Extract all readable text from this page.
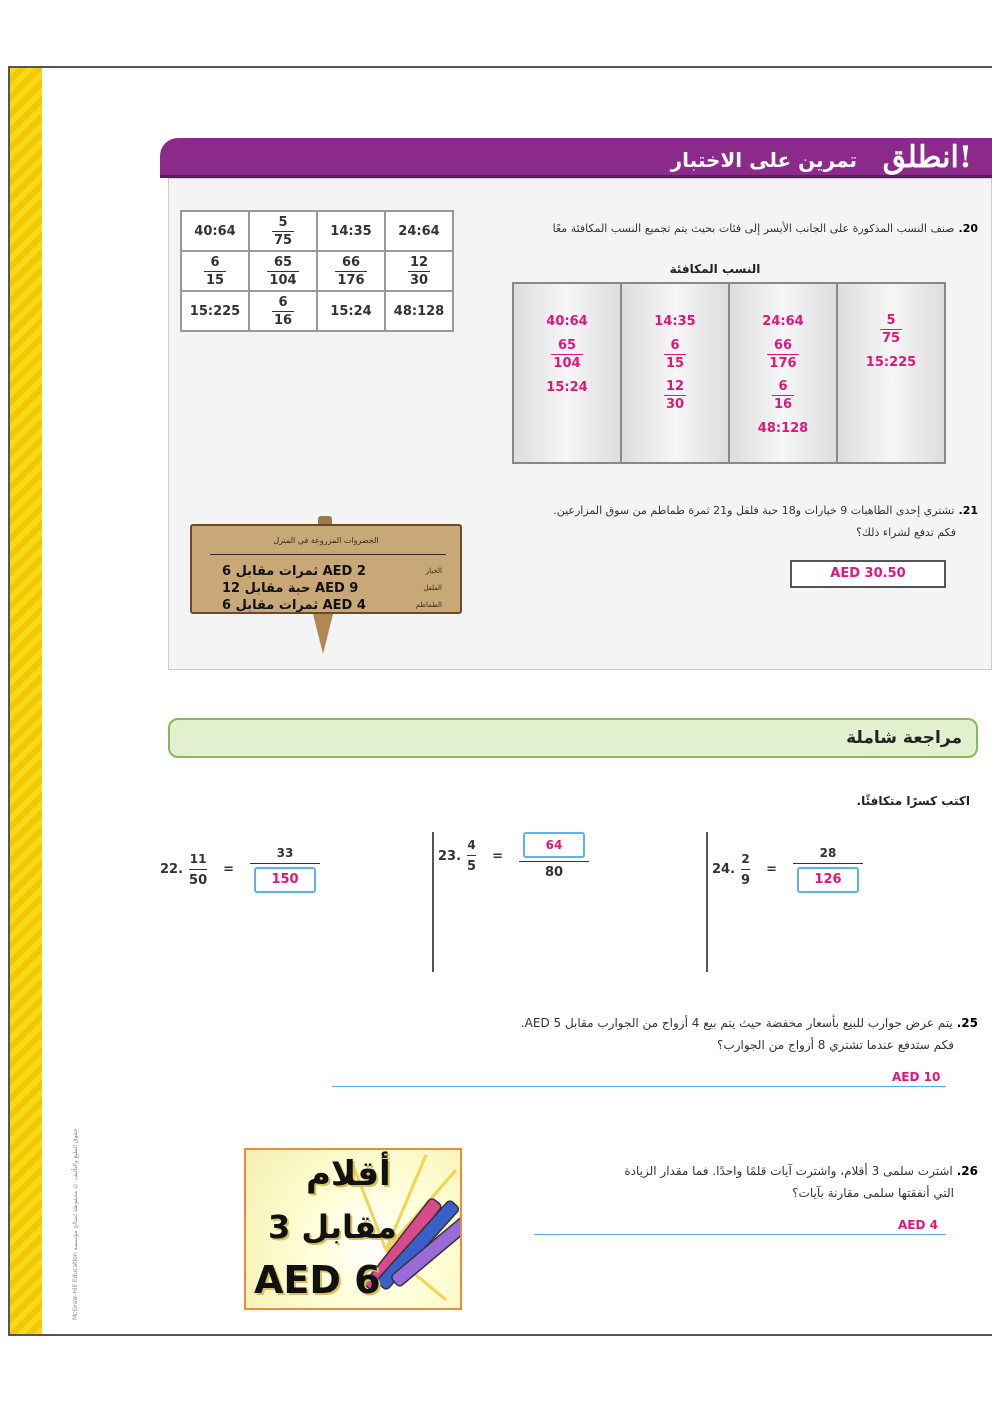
McGraw-Hill Education حقوق الطبع والتأليف © محفوظة لصالح مؤسسة
انطلق!
تمرين على الاختبار
20.صنف النسب المذكورة على الجانب الأيسر إلى فئات بحيث يتم تجميع النسب المكافئة معًا
40:64	$\frac{5}{75}$	14:35	24:64

$\frac{6}{15}$	$\frac{65}{104}$	$\frac{66}{176}$	$\frac{12}{30}$

15:225	$\frac{6}{16}$	15:24	48:128
النسب المكافئة
40:64
$\frac{65}{104}$
15:24
14:35
$\frac{6}{15}$
$\frac{12}{30}$
24:64
$\frac{66}{176}$
$\frac{6}{16}$
48:128
$\frac{5}{75}$
15:225
21.تشتري إحدى الطاهيات 9 خيارات و18 حبة فلفل و21 ثمرة طماطم من سوق المزارعين.
فكم تدفع لشراء ذلك؟
AED 30.50
الخضروات المزروعة في المنزل
6 ثمرات مقابل AED 2	الخيار
12 حبة مقابل AED 9	الفلفل
6 ثمرات مقابل AED 4	الطماطم
مراجعة شاملة
اكتب كسرًا متكافئًا.
22. $\frac{11}{50} = \frac{33}{150}$	23. $\frac{4}{5} = \frac{64}{80}$	24. $\frac{2}{9} = \frac{28}{126}$
25.يتم عرض جوارب للبيع بأسعار مخفضة حيث يتم بيع 4 أزواج من الجوارب مقابل AED 5.
فكم ستدفع عندما تشتري 8 أزواج من الجوارب؟
AED 10
26.اشترت سلمى 3 أقلام، واشترت آيات قلمًا واحدًا. فما مقدار الزيادة
التي أنفقتها سلمى مقارنة بآيات؟
AED 4
أقلام
3 مقابل
AED 6
